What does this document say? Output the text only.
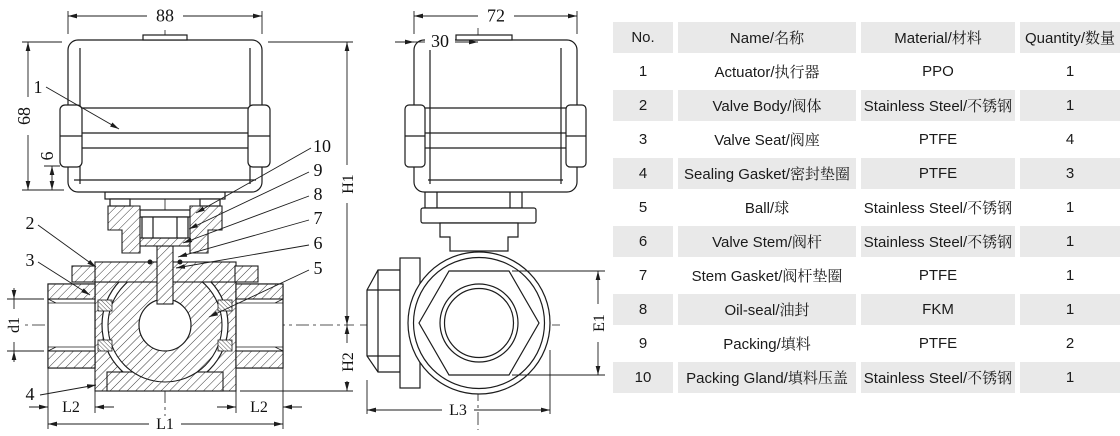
88
68
6
d1
L2	L2
L1
H1
H2
72
30
E1
L3
1
2
3
4
10
9
8
7
6
5
No.	Name/名称	Material/材料	Quantity/数量
1	Actuator/执行器	PPO	1
2	Valve Body/阀体	Stainless Steel/不锈钢	1
3	Valve Seat/阀座	PTFE	4
4	Sealing Gasket/密封垫圈	PTFE	3
5	Ball/球	Stainless Steel/不锈钢	1
6	Valve Stem/阀杆	Stainless Steel/不锈钢	1
7	Stem Gasket/阀杆垫圈	PTFE	1
8	Oil-seal/油封	FKM	1
9	Packing/填料	PTFE	2
10	Packing Gland/填料压盖	Stainless Steel/不锈钢	1
